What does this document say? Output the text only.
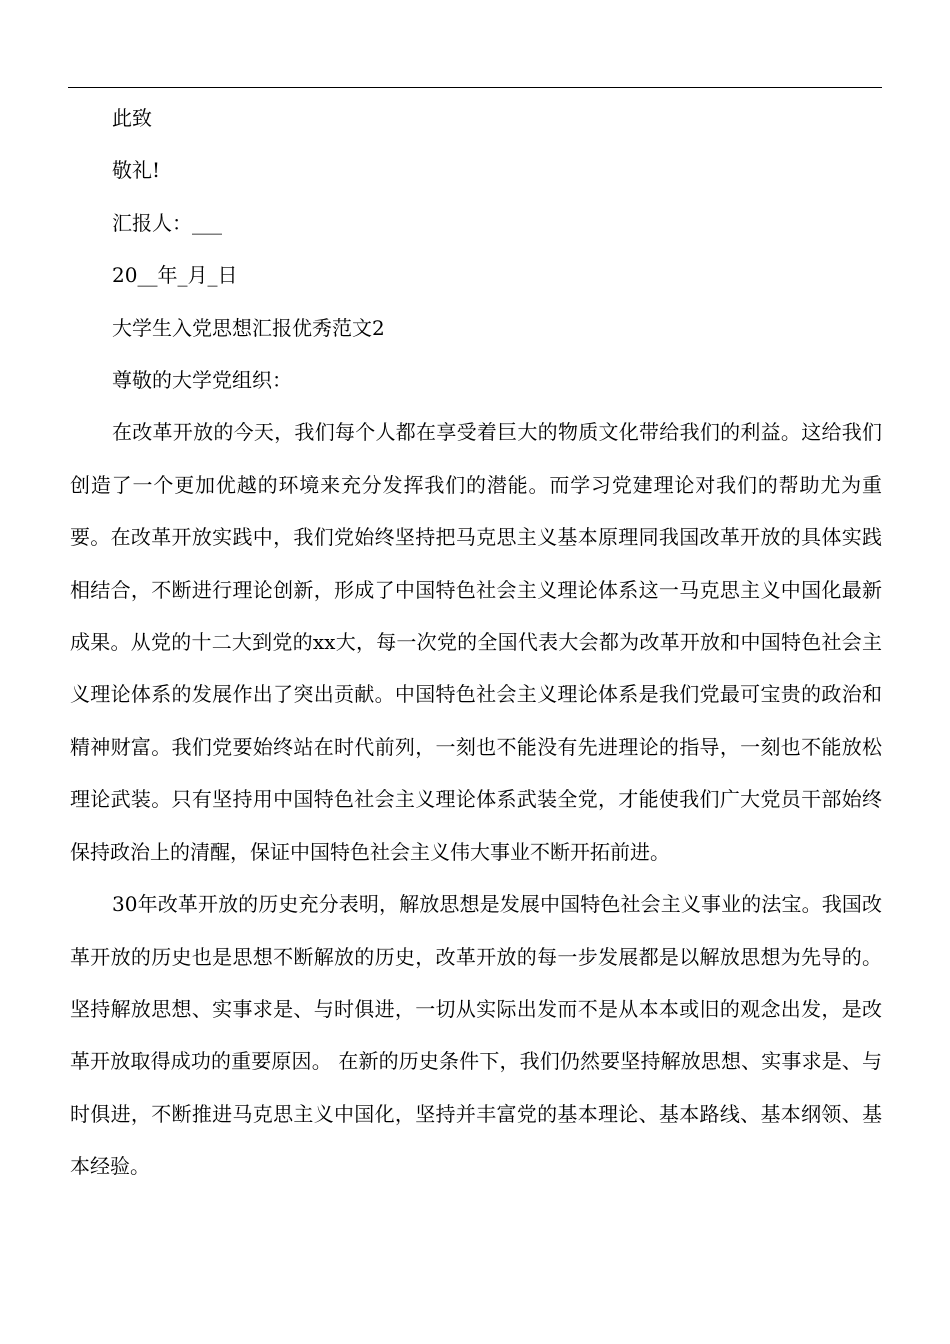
此致

敬礼!

汇报人：___

20__年_月_日

大学生入党思想汇报优秀范文2

尊敬的大学党组织：

在改革开放的今天，我们每个人都在享受着巨大的物质文化带给我们的利益。这给我们创造了一个更加优越的环境来充分发挥我们的潜能。而学习党建理论对我们的帮助尤为重要。在改革开放实践中，我们党始终坚持把马克思主义基本原理同我国改革开放的具体实践相结合，不断进行理论创新，形成了中国特色社会主义理论体系这一马克思主义中国化最新成果。从党的十二大到党的xx大，每一次党的全国代表大会都为改革开放和中国特色社会主义理论体系的发展作出了突出贡献。中国特色社会主义理论体系是我们党最可宝贵的政治和精神财富。我们党要始终站在时代前列，一刻也不能没有先进理论的指导，一刻也不能放松理论武装。只有坚持用中国特色社会主义理论体系武装全党，才能使我们广大党员干部始终保持政治上的清醒，保证中国特色社会主义伟大事业不断开拓前进。

30年改革开放的历史充分表明，解放思想是发展中国特色社会主义事业的法宝。我国改革开放的历史也是思想不断解放的历史，改革开放的每一步发展都是以解放思想为先导的。坚持解放思想、实事求是、与时俱进，一切从实际出发而不是从本本或旧的观念出发，是改革开放取得成功的重要原因。 在新的历史条件下，我们仍然要坚持解放思想、实事求是、与时俱进，不断推进马克思主义中国化，坚持并丰富党的基本理论、基本路线、基本纲领、基本经验。
